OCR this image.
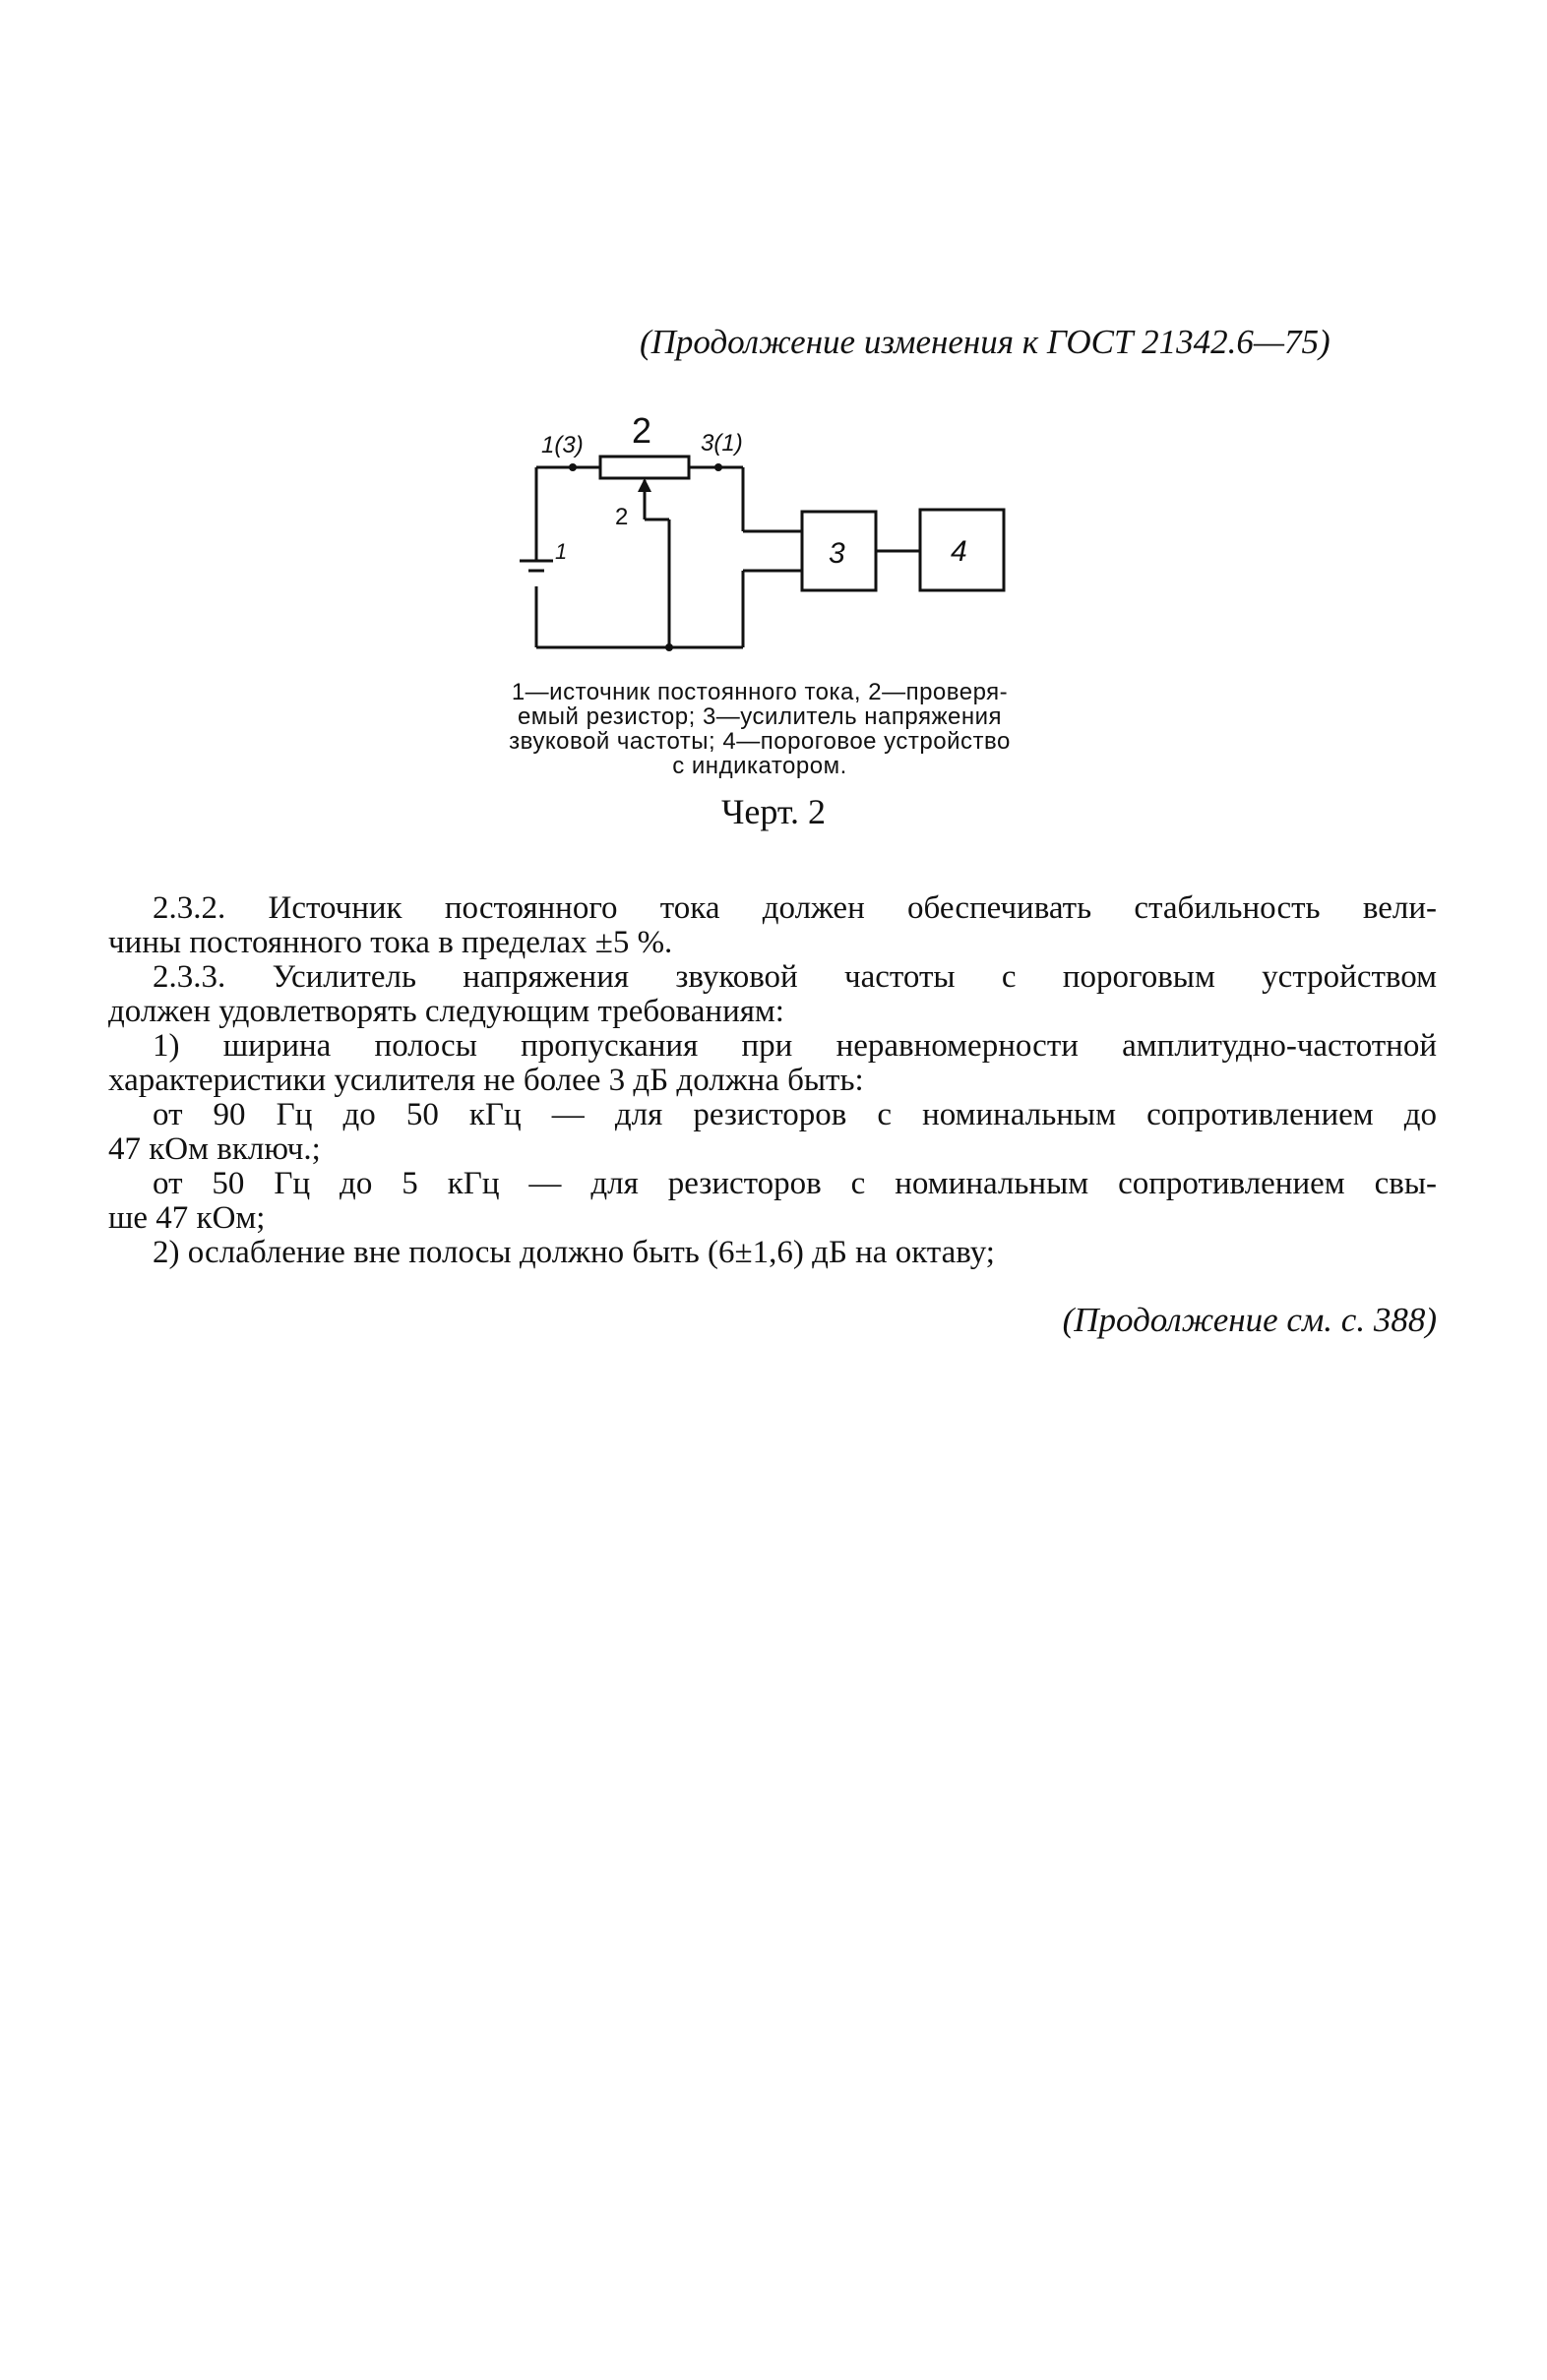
(Продолжение изменения к ГОСТ 21342.6—75)
2
1(3)	3(1)
2
1	3	4
1—источник постоянного тока, 2—проверя-
емый резистор; 3—усилитель напряжения
звуковой частоты; 4—пороговое устройство
с индикатором.
Черт. 2
2.3.2. Источник постоянного тока должен обеспечивать стабильность вели-
чины постоянного тока в пределах ±5 %.
2.3.3. Усилитель напряжения звуковой частоты с пороговым устройством
должен удовлетворять следующим требованиям:
1) ширина полосы пропускания при неравномерности амплитудно-частотной
характеристики усилителя не более 3 дБ должна быть:
от 90 Гц до 50 кГц — для резисторов с номинальным сопротивлением до
47 кОм включ.;
от 50 Гц до 5 кГц — для резисторов с номинальным сопротивлением свы-
ше 47 кОм;
2) ослабление вне полосы должно быть (6±1,6) дБ на октаву;
(Продолжение см. с. 388)
